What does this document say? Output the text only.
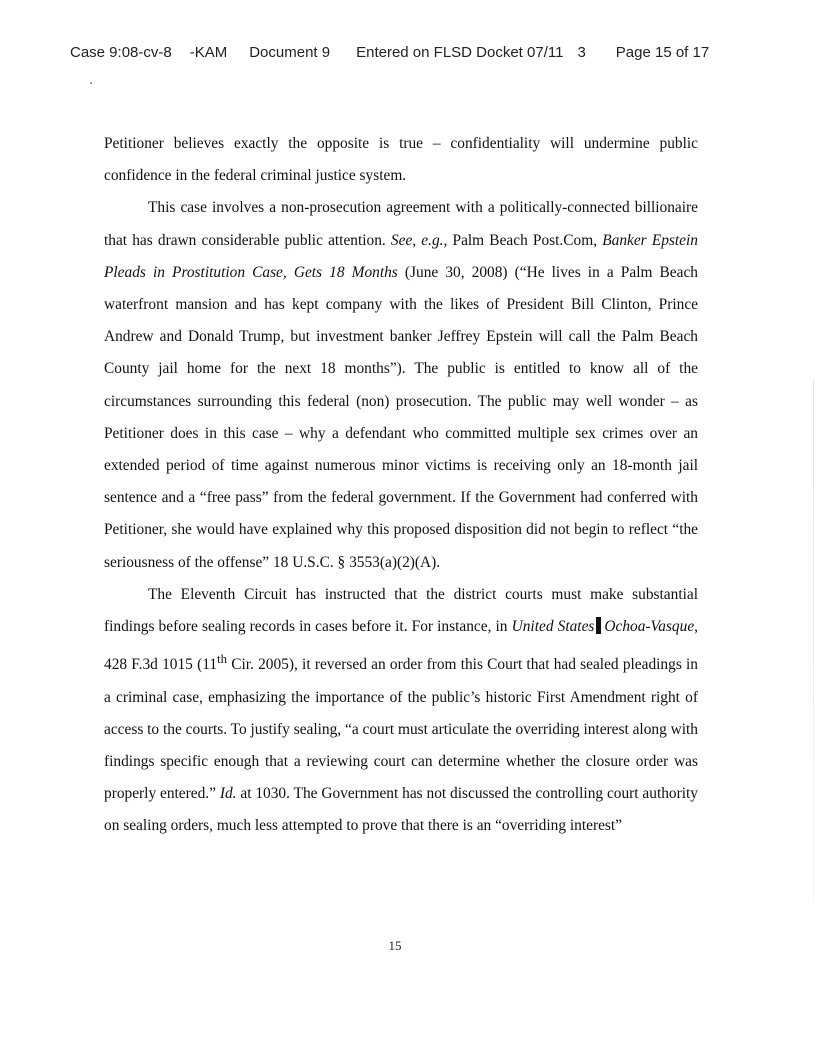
Case 9:08-cv-8 -KAM Document 9 Entered on FLSD Docket 07/11 3 Page 15 of 17

Petitioner believes exactly the opposite is true – confidentiality will undermine public confidence in the federal criminal justice system.

This case involves a non-prosecution agreement with a politically-connected billionaire that has drawn considerable public attention. See, e.g., Palm Beach Post.Com, Banker Epstein Pleads in Prostitution Case, Gets 18 Months (June 30, 2008) (“He lives in a Palm Beach waterfront mansion and has kept company with the likes of President Bill Clinton, Prince Andrew and Donald Trump, but investment banker Jeffrey Epstein will call the Palm Beach County jail home for the next 18 months”). The public is entitled to know all of the circumstances surrounding this federal (non) prosecution. The public may well wonder – as Petitioner does in this case – why a defendant who committed multiple sex crimes over an extended period of time against numerous minor victims is receiving only an 18-month jail sentence and a “free pass” from the federal government. If the Government had conferred with Petitioner, she would have explained why this proposed disposition did not begin to reflect “the seriousness of the offense” 18 U.S.C. § 3553(a)(2)(A).

The Eleventh Circuit has instructed that the district courts must make substantial findings before sealing records in cases before it. For instance, in United States Ochoa-Vasque, 428 F.3d 1015 (11th Cir. 2005), it reversed an order from this Court that had sealed pleadings in a criminal case, emphasizing the importance of the public’s historic First Amendment right of access to the courts. To justify sealing, “a court must articulate the overriding interest along with findings specific enough that a reviewing court can determine whether the closure order was properly entered.” Id. at 1030. The Government has not discussed the controlling court authority on sealing orders, much less attempted to prove that there is an “overriding interest”

15
